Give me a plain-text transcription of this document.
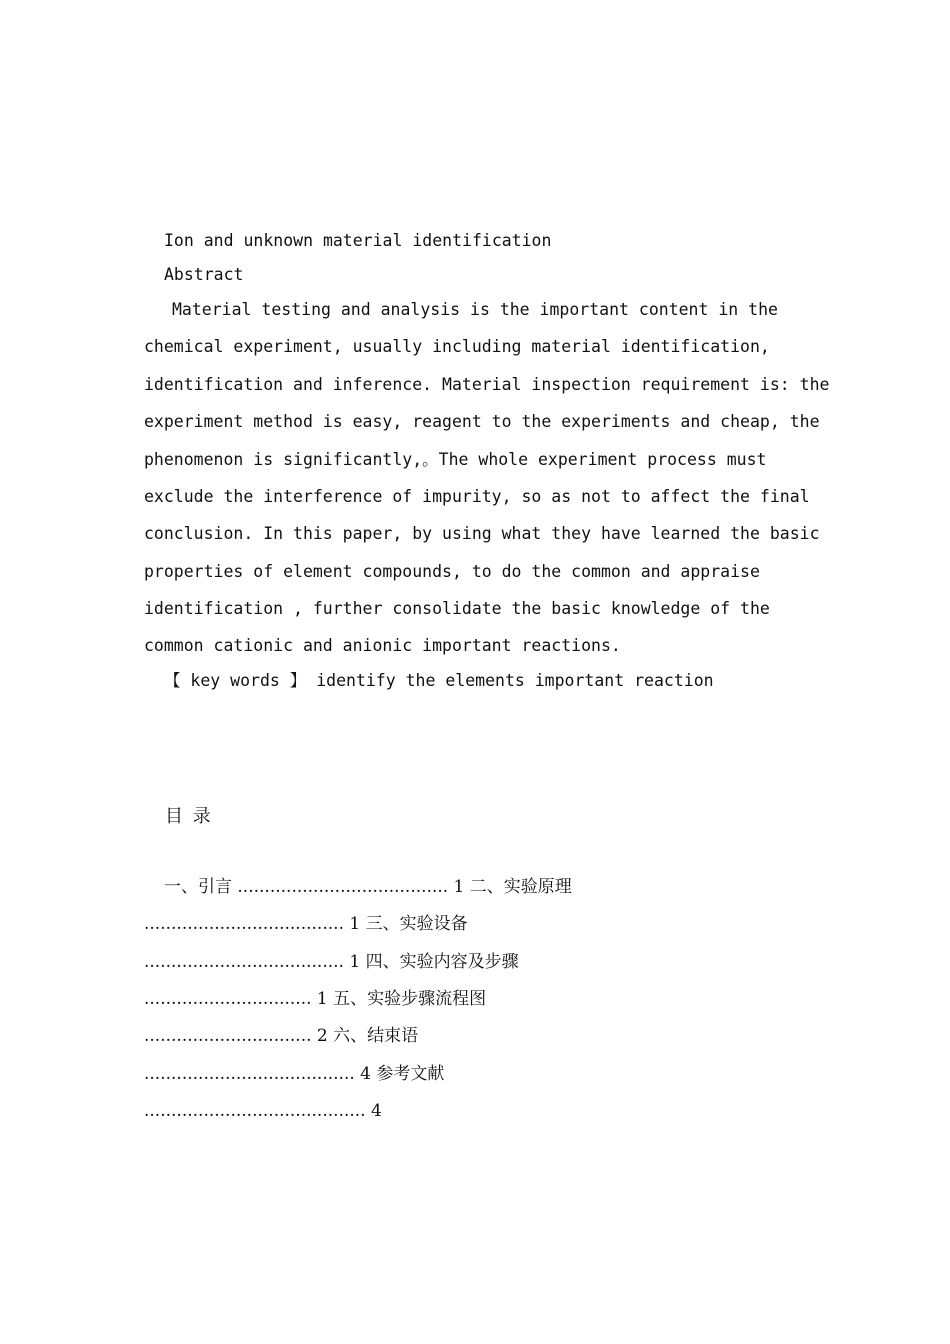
Ion and unknown material identification
Abstract
Material testing and analysis is the important content in the
chemical experiment, usually including material identification,
identification and inference. Material inspection requirement is: the
experiment method is easy, reagent to the experiments and cheap, the
phenomenon is significantly,。The whole experiment process must
exclude the interference of impurity, so as not to affect the final
conclusion. In this paper, by using what they have learned the basic
properties of element compounds, to do the common and appraise
identification , further consolidate the basic knowledge of the
common cationic and anionic important reactions.
【 key words 】 identify the elements important reaction
目 录
一、引言 ....................................... 1 二、实验原理
..................................... 1 三、实验设备
..................................... 1 四、实验内容及步骤
............................... 1 五、实验步骤流程图
............................... 2 六、结束语
....................................... 4 参考文献
......................................... 4
